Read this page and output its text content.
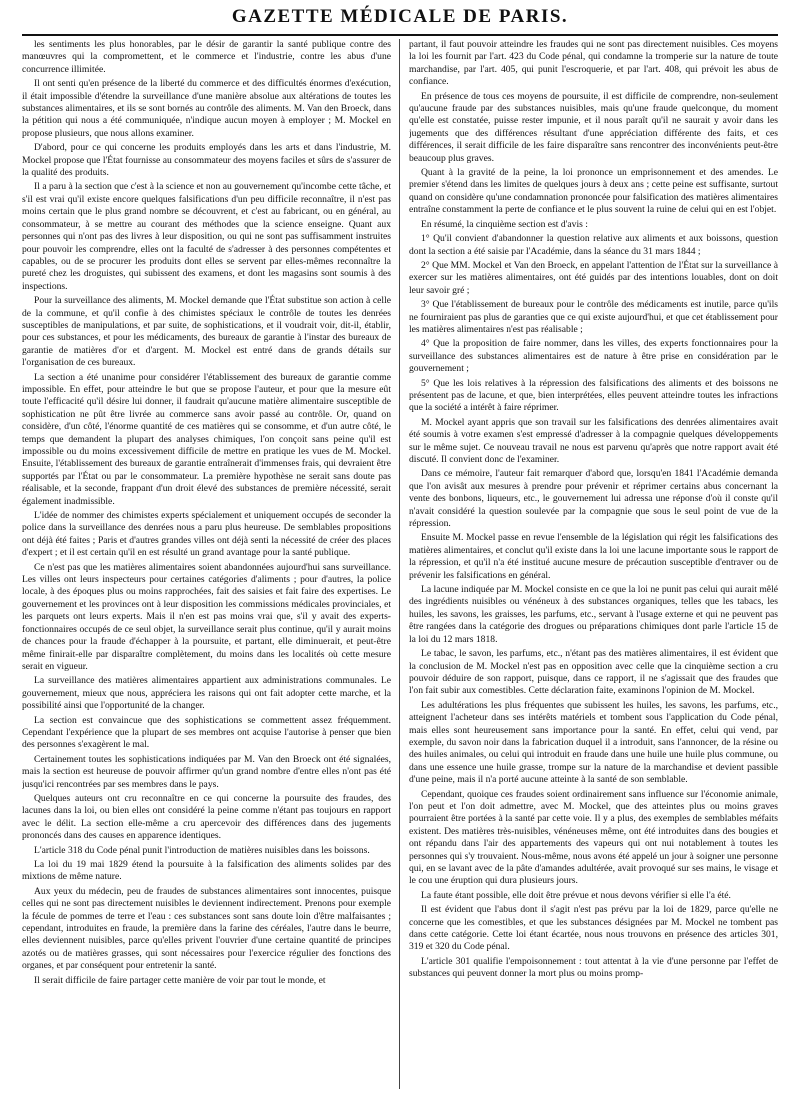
GAZETTE MÉDICALE DE PARIS.

les sentiments les plus honorables, par le désir de garantir la santé publique contre des manœuvres qui la compromettent, et le commerce et l'industrie, contre les abus d'une concurrence illimitée.

Il ont senti qu'en présence de la liberté du commerce et des difficultés énormes d'exécution, il était impossible d'étendre la surveillance d'une manière absolue aux altérations de toutes les substances alimentaires, et ils se sont bornés au contrôle des aliments. M. Van den Broeck, dans la pétition qui nous a été communiquée, n'indique aucun moyen à employer ; M. Mockel en propose plusieurs, que nous allons examiner.

D'abord, pour ce qui concerne les produits employés dans les arts et dans l'industrie, M. Mockel propose que l'État fournisse au consommateur des moyens faciles et sûrs de s'assurer de la qualité des produits.

Il a paru à la section que c'est à la science et non au gouvernement qu'incombe cette tâche, et s'il est vrai qu'il existe encore quelques falsifications d'un peu difficile reconnaître, il n'est pas moins certain que le plus grand nombre se découvrent, et c'est au fabricant, ou en général, au consommateur, à se mettre au courant des méthodes que la science enseigne. Quant aux personnes qui n'ont pas des livres à leur disposition, ou qui ne sont pas suffisamment instruites pour pouvoir les comprendre, elles ont la faculté de s'adresser à des personnes compétentes et capables, ou de se procurer les produits dont elles se servent par elles-mêmes reconnaître la pureté chez les droguistes, qui subissent des examens, et dont les magasins sont soumis à des inspections.

Pour la surveillance des aliments, M. Mockel demande que l'État substitue son action à celle de la commune, et qu'il confie à des chimistes spéciaux le contrôle de toutes les denrées susceptibles de manipulations, et par suite, de sophistications, et il voudrait voir, dit-il, établir, pour ces substances, et pour les médicaments, des bureaux de garantie à l'instar des bureaux de garantie de matières d'or et d'argent. M. Mockel est entré dans de grands détails sur l'organisation de ces bureaux.

La section a été unanime pour considérer l'établissement des bureaux de garantie comme impossible. En effet, pour atteindre le but que se propose l'auteur, et pour que la mesure eût toute l'efficacité qu'il désire lui donner, il faudrait qu'aucune matière alimentaire susceptible de sophistication ne pût être livrée au commerce sans avoir passé au contrôle. Or, quand on considère, d'un côté, l'énorme quantité de ces matières qui se consomme, et d'un autre côté, le temps que demandent la plupart des analyses chimiques, l'on conçoit sans peine qu'il est impossible ou du moins excessivement difficile de mettre en pratique les vues de M. Mockel. Ensuite, l'établissement des bureaux de garantie entraînerait d'immenses frais, qui devraient être supportés par l'État ou par le consommateur. La première hypothèse ne serait sans doute pas réalisable, et la seconde, frappant d'un droit élevé des substances de première nécessité, serait également inadmissible.

L'idée de nommer des chimistes experts spécialement et uniquement occupés de seconder la police dans la surveillance des denrées nous a paru plus heureuse. De semblables propositions ont déjà été faites ; Paris et d'autres grandes villes ont déjà senti la nécessité de créer des places d'expert ; et il est certain qu'il en est résulté un grand avantage pour la santé publique.

Ce n'est pas que les matières alimentaires soient abandonnées aujourd'hui sans surveillance. Les villes ont leurs inspecteurs pour certaines catégories d'aliments ; pour d'autres, la police locale, à des époques plus ou moins rapprochées, fait des saisies et fait faire des expertises. Le gouvernement et les provinces ont à leur disposition les commissions médicales provinciales, et les parquets ont leurs experts. Mais il n'en est pas moins vrai que, s'il y avait des experts-fonctionnaires occupés de ce seul objet, la surveillance serait plus continue, qu'il y aurait moins de chances pour la fraude d'échapper à la poursuite, et partant, elle diminuerait, et peut-être même finirait-elle par disparaître complètement, du moins dans les localités où cette mesure serait en vigueur.

La surveillance des matières alimentaires appartient aux administrations communales. Le gouvernement, mieux que nous, appréciera les raisons qui ont fait adopter cette marche, et la possibilité ainsi que l'opportunité de la changer.

La section est convaincue que des sophistications se commettent assez fréquemment. Cependant l'expérience que la plupart de ses membres ont acquise l'autorise à penser que bien des personnes s'exagèrent le mal.

Certainement toutes les sophistications indiquées par M. Van den Broeck ont été signalées, mais la section est heureuse de pouvoir affirmer qu'un grand nombre d'entre elles n'ont pas été jusqu'ici rencontrées par ses membres dans le pays.

Quelques auteurs ont cru reconnaître en ce qui concerne la poursuite des fraudes, des lacunes dans la loi, ou bien elles ont considéré la peine comme n'étant pas toujours en rapport avec le délit. La section elle-même a cru apercevoir des différences dans des jugements prononcés dans des causes en apparence identiques.

L'article 318 du Code pénal punit l'introduction de matières nuisibles dans les boissons.

La loi du 19 mai 1829 étend la poursuite à la falsification des aliments solides par des mixtions de même nature.

Aux yeux du médecin, peu de fraudes de substances alimentaires sont innocentes, puisque celles qui ne sont pas directement nuisibles le deviennent indirectement. Prenons pour exemple la fécule de pommes de terre et l'eau : ces substances sont sans doute loin d'être malfaisantes ; cependant, introduites en fraude, la première dans la farine des céréales, l'autre dans le beurre, elles deviennent nuisibles, parce qu'elles privent l'ouvrier d'une certaine quantité de principes azotés ou de matières grasses, qui sont nécessaires pour l'exercice régulier des fonctions des organes, et par conséquent pour entretenir la santé.

Il serait difficile de faire partager cette manière de voir par tout le monde, et

partant, il faut pouvoir atteindre les fraudes qui ne sont pas directement nuisibles. Ces moyens la loi les fournit par l'art. 423 du Code pénal, qui condamne la tromperie sur la nature de toute marchandise, par l'art. 405, qui punit l'escroquerie, et par l'art. 408, qui prévoit les abus de confiance.

En présence de tous ces moyens de poursuite, il est difficile de comprendre, non-seulement qu'aucune fraude par des substances nuisibles, mais qu'une fraude quelconque, du moment qu'elle est constatée, puisse rester impunie, et il nous paraît qu'il ne saurait y avoir dans les jugements que des différences résultant d'une appréciation différente des faits, et ces différences, il serait difficile de les faire disparaître sans rencontrer des inconvénients peut-être beaucoup plus graves.

Quant à la gravité de la peine, la loi prononce un emprisonnement et des amendes. Le premier s'étend dans les limites de quelques jours à deux ans ; cette peine est suffisante, surtout quand on considère qu'une condamnation prononcée pour falsification des matières alimentaires entraîne constamment la perte de confiance et le plus souvent la ruine de celui qui en est l'objet.

En résumé, la cinquième section est d'avis :

1° Qu'il convient d'abandonner la question relative aux aliments et aux boissons, question dont la section a été saisie par l'Académie, dans la séance du 31 mars 1844 ;

2° Que MM. Mockel et Van den Broeck, en appelant l'attention de l'État sur la surveillance à exercer sur les matières alimentaires, ont été guidés par des intentions louables, dont on doit leur savoir gré ;

3° Que l'établissement de bureaux pour le contrôle des médicaments est inutile, parce qu'ils ne fourniraient pas plus de garanties que ce qui existe aujourd'hui, et que cet établissement pour les matières alimentaires n'est pas réalisable ;

4° Que la proposition de faire nommer, dans les villes, des experts fonctionnaires pour la surveillance des substances alimentaires est de nature à être prise en considération par le gouvernement ;

5° Que les lois relatives à la répression des falsifications des aliments et des boissons ne présentent pas de lacune, et que, bien interprétées, elles peuvent atteindre toutes les infractions que la société a intérêt à faire réprimer.

M. Mockel ayant appris que son travail sur les falsifications des denrées alimentaires avait été soumis à votre examen s'est empressé d'adresser à la compagnie quelques développements sur le même sujet. Ce nouveau travail ne nous est parvenu qu'après que notre rapport avait été discuté. Il convient donc de l'examiner.

Dans ce mémoire, l'auteur fait remarquer d'abord que, lorsqu'en 1841 l'Académie demanda que l'on avisât aux mesures à prendre pour prévenir et réprimer certains abus concernant la vente des bonbons, liqueurs, etc., le gouvernement lui adressa une réponse d'où il conste qu'il n'avait considéré la question soulevée par la compagnie que sous le seul point de vue de la répression.

Ensuite M. Mockel passe en revue l'ensemble de la législation qui régit les falsifications des matières alimentaires, et conclut qu'il existe dans la loi une lacune importante sous le rapport de la répression, et qu'il n'a été institué aucune mesure de précaution susceptible d'entraver ou de prévenir les falsifications en général.

La lacune indiquée par M. Mockel consiste en ce que la loi ne punit pas celui qui aurait mêlé des ingrédients nuisibles ou vénéneux à des substances organiques, telles que les tabacs, les huiles, les savons, les graisses, les parfums, etc., servant à l'usage externe et qui ne peuvent pas être rangées dans la catégorie des drogues ou préparations chimiques dont parle l'article 15 de la loi du 12 mars 1818.

Le tabac, le savon, les parfums, etc., n'étant pas des matières alimentaires, il est évident que la conclusion de M. Mockel n'est pas en opposition avec celle que la cinquième section a cru pouvoir déduire de son rapport, puisque, dans ce rapport, il ne s'agissait que des fraudes que l'on fait subir aux comestibles. Cette déclaration faite, examinons l'opinion de M. Mockel.

Les adultérations les plus fréquentes que subissent les huiles, les savons, les parfums, etc., atteignent l'acheteur dans ses intérêts matériels et tombent sous l'application du Code pénal, mais elles sont heureusement sans importance pour la santé. En effet, celui qui vend, par exemple, du savon noir dans la fabrication duquel il a introduit, sans l'annoncer, de la résine ou des huiles animales, ou celui qui introduit en fraude dans une huile une huile plus commune, ou dans une essence une huile grasse, trompe sur la nature de la marchandise et devient passible d'une peine, mais il n'a porté aucune atteinte à la santé de son semblable.

Cependant, quoique ces fraudes soient ordinairement sans influence sur l'économie animale, l'on peut et l'on doit admettre, avec M. Mockel, que des atteintes plus ou moins graves pourraient être portées à la santé par cette voie. Il y a plus, des exemples de semblables méfaits existent. Des matières très-nuisibles, vénéneuses même, ont été introduites dans des bougies et ont répandu dans l'air des appartements des vapeurs qui ont nui notablement à toutes les personnes qui s'y trouvaient. Nous-même, nous avons été appelé un jour à soigner une personne qui, en se lavant avec de la pâte d'amandes adultérée, avait provoqué sur ses mains, le visage et le cou une éruption qui dura plusieurs jours.

La faute étant possible, elle doit être prévue et nous devons vérifier si elle l'a été.

Il est évident que l'abus dont il s'agit n'est pas prévu par la loi de 1829, parce qu'elle ne concerne que les comestibles, et que les substances désignées par M. Mockel ne tombent pas dans cette catégorie. Cette loi étant écartée, nous nous trouvons en présence des articles 301, 319 et 320 du Code pénal.

L'article 301 qualifie l'empoisonnement : tout attentat à la vie d'une personne par l'effet de substances qui peuvent donner la mort plus ou moins promp-
